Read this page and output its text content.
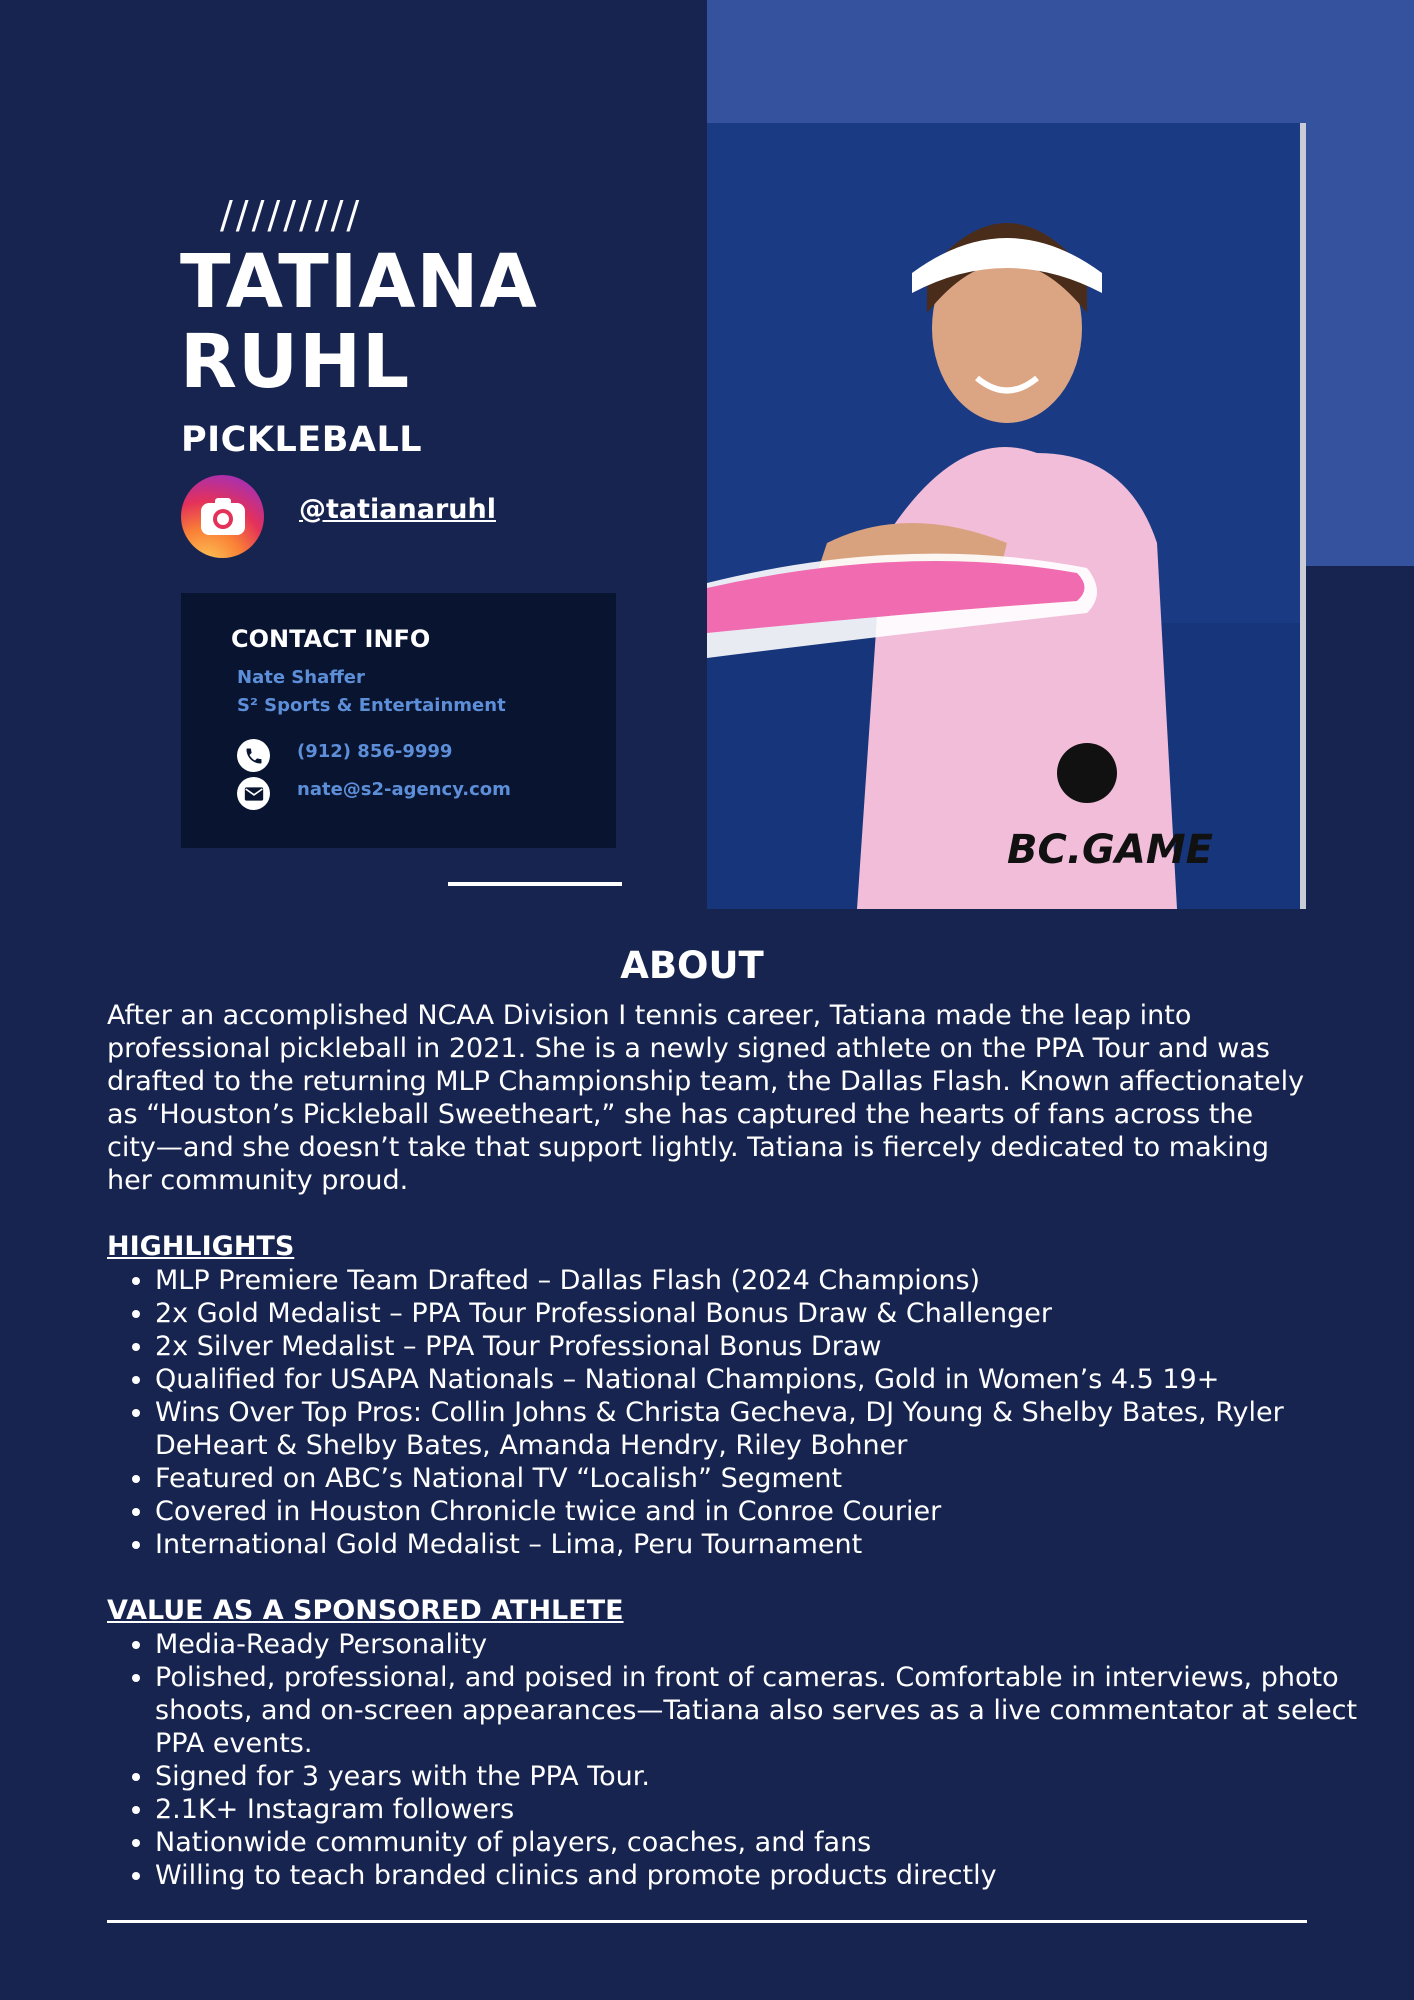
/////////
TATIANA
RUHL
PICKLEBALL
@tatianaruhl
CONTACT INFO
Nate Shaffer
S² Sports & Entertainment
(912) 856-9999
nate@s2-agency.com
BC.GAME
ABOUT
After an accomplished NCAA Division I tennis career, Tatiana made the leap into professional pickleball in 2021. She is a newly signed athlete on the PPA Tour and was drafted to the returning MLP Championship team, the Dallas Flash. Known affectionately as “Houston’s Pickleball Sweetheart,” she has captured the hearts of fans across the city—and she doesn’t take that support lightly. Tatiana is fiercely dedicated to making her community proud.
HIGHLIGHTS
• MLP Premiere Team Drafted – Dallas Flash (2024 Champions)
• 2x Gold Medalist – PPA Tour Professional Bonus Draw & Challenger
• 2x Silver Medalist – PPA Tour Professional Bonus Draw
• Qualified for USAPA Nationals – National Champions, Gold in Women’s 4.5 19+
• Wins Over Top Pros: Collin Johns & Christa Gecheva, DJ Young & Shelby Bates, Ryler DeHeart & Shelby Bates, Amanda Hendry, Riley Bohner
• Featured on ABC’s National TV “Localish” Segment
• Covered in Houston Chronicle twice and in Conroe Courier
• International Gold Medalist – Lima, Peru Tournament
VALUE AS A SPONSORED ATHLETE
• Media-Ready Personality
• Polished, professional, and poised in front of cameras. Comfortable in interviews, photo shoots, and on-screen appearances—Tatiana also serves as a live commentator at select PPA events.
• Signed for 3 years with the PPA Tour.
• 2.1K+ Instagram followers
• Nationwide community of players, coaches, and fans
• Willing to teach branded clinics and promote products directly
